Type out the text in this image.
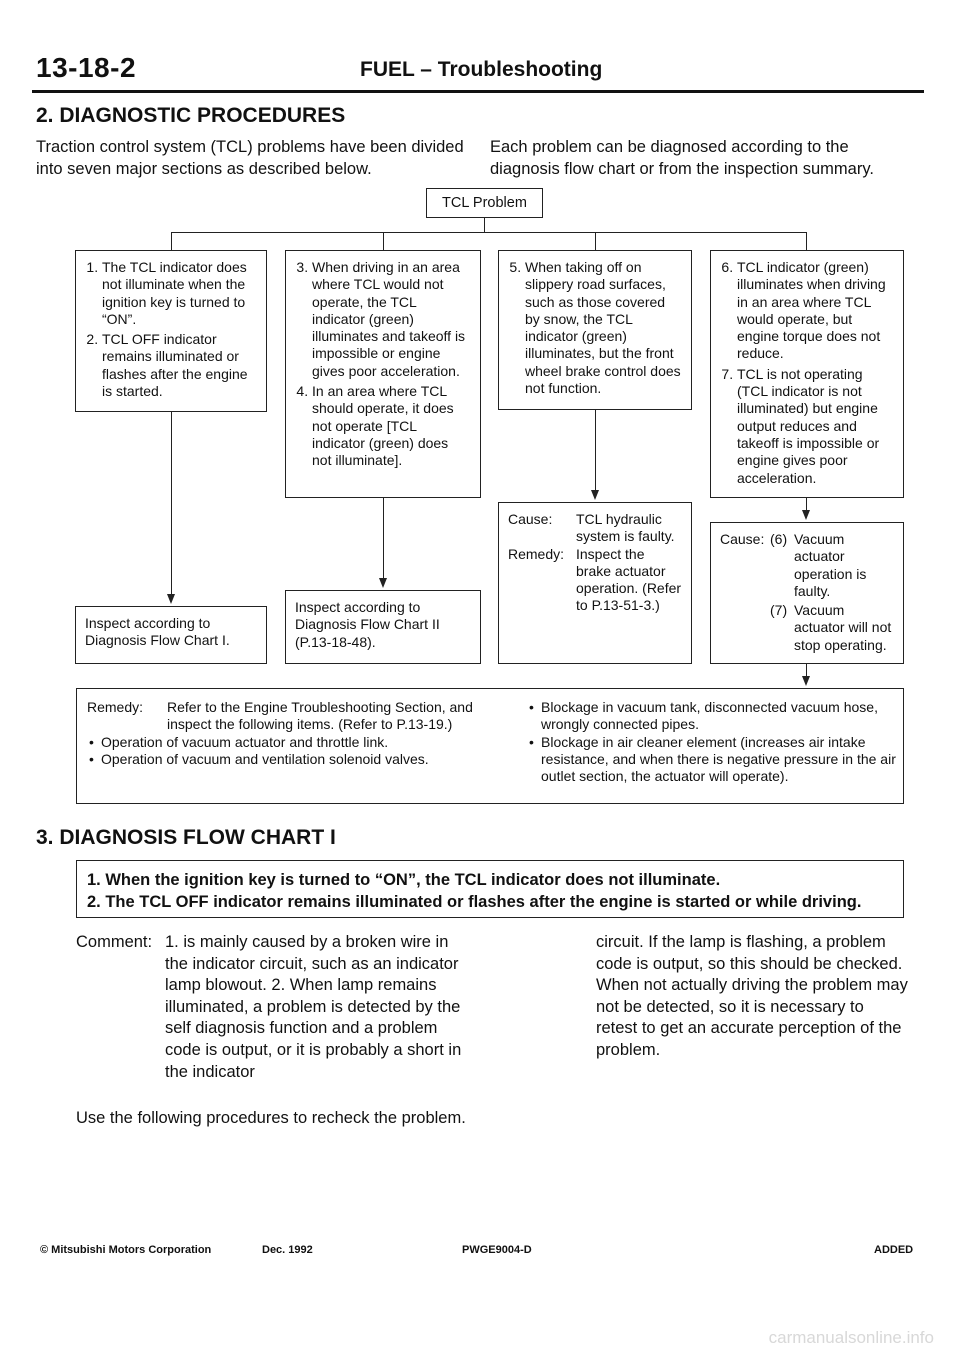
13-18-2	FUEL – Troubleshooting
2. DIAGNOSTIC PROCEDURES
Traction control system (TCL) problems have been divided into seven major sections as described below.
Each problem can be diagnosed according to the diagnosis flow chart or from the inspection summary.
TCL Problem
1. The TCL indicator does not illuminate when the ignition key is turned to “ON”.
2. TCL OFF indicator remains illuminated or flashes after the engine is started.
Inspect according to Diagnosis Flow Chart I.
3. When driving in an area where TCL would not operate, the TCL indicator (green) illuminates and takeoff is impossible or engine gives poor acceleration.
4. In an area where TCL should operate, it does not operate [TCL indicator (green) does not illuminate].
Inspect according to Diagnosis Flow Chart II (P.13-18-48).
5. When taking off on slippery road surfaces, such as those covered by snow, the TCL indicator (green) illuminates, but the front wheel brake control does not function.
Cause:	TCL hydraulic system is faulty.
Remedy:	Inspect the brake actuator operation. (Refer to P.13-51-3.)
6. TCL indicator (green) illuminates when driving in an area where TCL would operate, but engine torque does not reduce.
7. TCL is not operating (TCL indicator is not illuminated) but engine output reduces and takeoff is impossible or engine gives poor acceleration.
Cause:	(6)	Vacuum actuator operation is faulty.
	(7)	Vacuum actuator will not stop operating.
Remedy:	Refer to the Engine Troubleshooting Section, and inspect the following items. (Refer to P.13-19.)
• Operation of vacuum actuator and throttle link.
• Operation of vacuum and ventilation solenoid valves.
• Blockage in vacuum tank, disconnected vacuum hose, wrongly connected pipes.
• Blockage in air cleaner element (increases air intake resistance, and when there is negative pressure in the air outlet section, the actuator will operate).
3. DIAGNOSIS FLOW CHART I
1. When the ignition key is turned to “ON”, the TCL indicator does not illuminate.
2. The TCL OFF indicator remains illuminated or flashes after the engine is started or while driving.
Comment: 1. is mainly caused by a broken wire in the indicator circuit, such as an indicator lamp blowout. 2. When lamp remains illuminated, a problem is detected by the self diagnosis function and a problem code is output, or it is probably a short in the indicator
circuit. If the lamp is flashing, a problem code is output, so this should be checked. When not actually driving the problem may not be detected, so it is necessary to retest to get an accurate perception of the problem.
Use the following procedures to recheck the problem.
© Mitsubishi Motors Corporation	Dec. 1992	PWGE9004-D	ADDED
carmanualsonline.info
